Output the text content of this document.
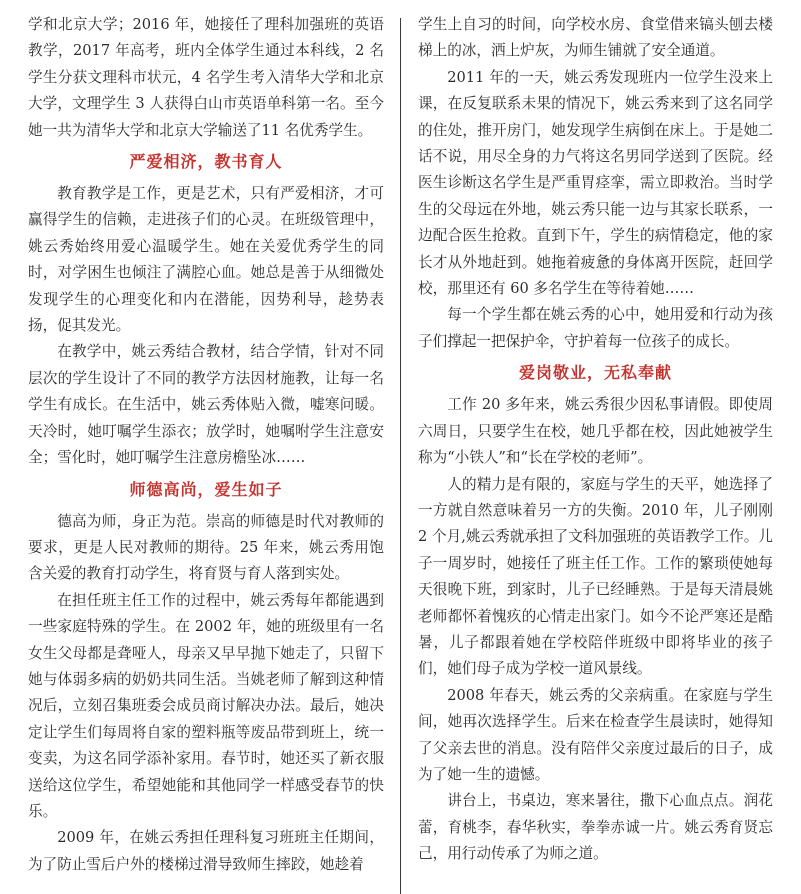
学和北京大学；2016 年，她接任了理科加强班的英语教学，2017 年高考，班内全体学生通过本科线，2 名学生分获文理科市状元，4 名学生考入清华大学和北京大学，文理学生 3 人获得白山市英语单科第一名。至今她一共为清华大学和北京大学输送了11 名优秀学生。

严爱相济，教书育人

教育教学是工作，更是艺术，只有严爱相济，才可赢得学生的信赖，走进孩子们的心灵。在班级管理中，姚云秀始终用爱心温暖学生。她在关爱优秀学生的同时，对学困生也倾注了满腔心血。她总是善于从细微处发现学生的心理变化和内在潜能，因势利导，趁势表扬，促其发光。

在教学中，姚云秀结合教材，结合学情，针对不同层次的学生设计了不同的教学方法因材施教，让每一名学生有成长。在生活中，姚云秀体贴入微，嘘寒问暖。天冷时，她叮嘱学生添衣；放学时，她嘱咐学生注意安全；雪化时，她叮嘱学生注意房檐坠冰……

师德高尚，爱生如子

德高为师，身正为范。崇高的师德是时代对教师的要求，更是人民对教师的期待。25 年来，姚云秀用饱含关爱的教育打动学生，将育贤与育人落到实处。

在担任班主任工作的过程中，姚云秀每年都能遇到一些家庭特殊的学生。在 2002 年，她的班级里有一名女生父母都是聋哑人，母亲又早早抛下她走了，只留下她与体弱多病的奶奶共同生活。当姚老师了解到这种情况后，立刻召集班委会成员商讨解决办法。最后，她决定让学生们每周将自家的塑料瓶等废品带到班上，统一变卖，为这名同学添补家用。春节时，她还买了新衣服送给这位学生，希望她能和其他同学一样感受春节的快乐。

2009 年，在姚云秀担任理科复习班班主任期间，为了防止雪后户外的楼梯过滑导致师生摔跤，她趁着

学生上自习的时间，向学校水房、食堂借来镐头刨去楼梯上的冰，洒上炉灰，为师生铺就了安全通道。

2011 年的一天，姚云秀发现班内一位学生没来上课，在反复联系未果的情况下，姚云秀来到了这名同学的住处，推开房门，她发现学生病倒在床上。于是她二话不说，用尽全身的力气将这名男同学送到了医院。经医生诊断这名学生是严重胃痉挛，需立即救治。当时学生的父母远在外地，姚云秀只能一边与其家长联系，一边配合医生抢救。直到下午，学生的病情稳定，他的家长才从外地赶到。她拖着疲惫的身体离开医院，赶回学校，那里还有 60 多名学生在等待着她……

每一个学生都在姚云秀的心中，她用爱和行动为孩子们撑起一把保护伞，守护着每一位孩子的成长。

爱岗敬业，无私奉献

工作 20 多年来，姚云秀很少因私事请假。即使周六周日，只要学生在校，她几乎都在校，因此她被学生称为“小铁人”和“长在学校的老师”。

人的精力是有限的，家庭与学生的天平，她选择了一方就自然意味着另一方的失衡。2010 年，儿子刚刚2 个月,姚云秀就承担了文科加强班的英语教学工作。儿子一周岁时，她接任了班主任工作。工作的繁琐使她每天很晚下班，到家时，儿子已经睡熟。于是每天清晨姚老师都怀着愧疚的心情走出家门。如今不论严寒还是酷暑，儿子都跟着她在学校陪伴班级中即将毕业的孩子们，她们母子成为学校一道风景线。

2008 年春天，姚云秀的父亲病重。在家庭与学生间，她再次选择学生。后来在检查学生晨读时，她得知了父亲去世的消息。没有陪伴父亲度过最后的日子，成为了她一生的遗憾。

讲台上，书桌边，寒来暑往，撒下心血点点。润花蕾，育桃李，春华秋实，拳拳赤诚一片。姚云秀育贤忘己，用行动传承了为师之道。
